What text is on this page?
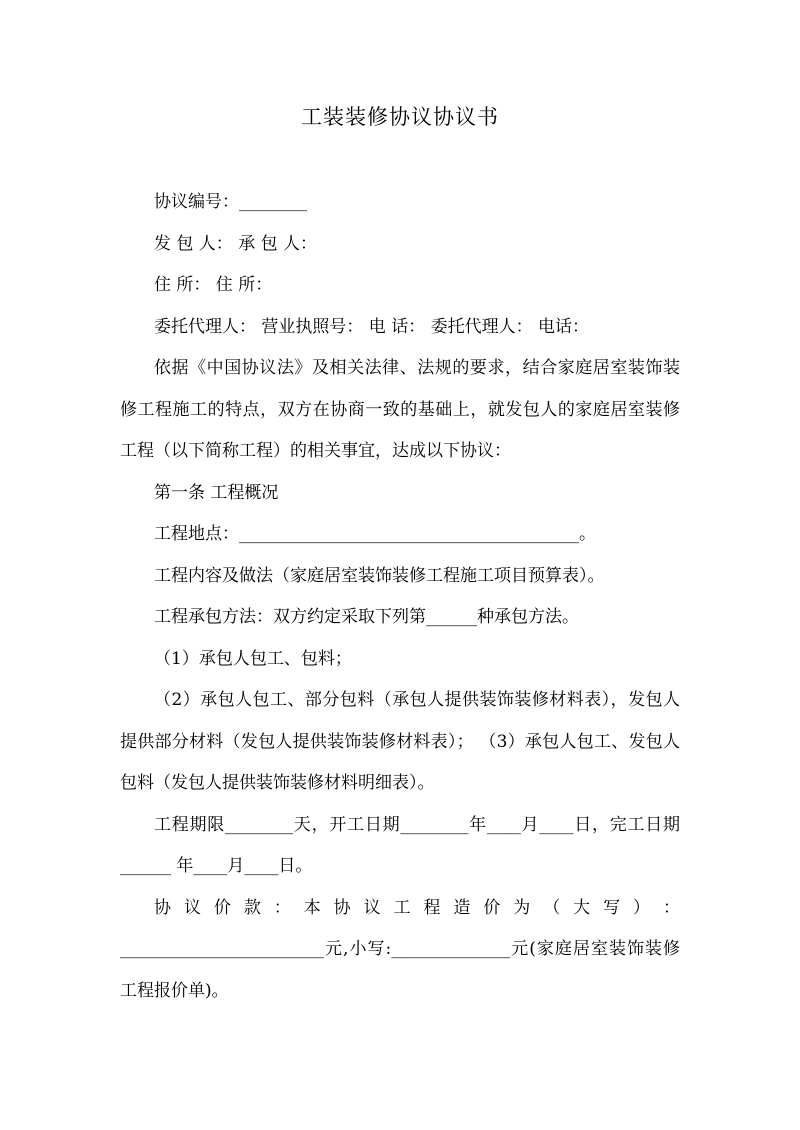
工装装修协议协议书

协议编号：________

发 包 人： 承 包 人：

住 所： 住 所：

委托代理人： 营业执照号： 电 话： 委托代理人： 电话：

依据《中国协议法》及相关法律、法规的要求，结合家庭居室装饰装修工程施工的特点，双方在协商一致的基础上，就发包人的家庭居室装修工程（以下简称工程）的相关事宜，达成以下协议：

第一条 工程概况

工程地点：________________________________________。

工程内容及做法（家庭居室装饰装修工程施工项目预算表）。

工程承包方法：双方约定采取下列第______种承包方法。

（1）承包人包工、包料；

（2）承包人包工、部分包料（承包人提供装饰装修材料表），发包人提供部分材料（发包人提供装饰装修材料表）； （3）承包人包工、发包人包料（发包人提供装饰装修材料明细表）。

工程期限________天，开工日期________年____月____日，完工日期______ 年____月____日。

协 议 价 款 ： 本 协 议 工 程 造 价 为 （ 大 写 ） ：

________________________元,小写:______________元(家庭居室装饰装修工程报价单)。
